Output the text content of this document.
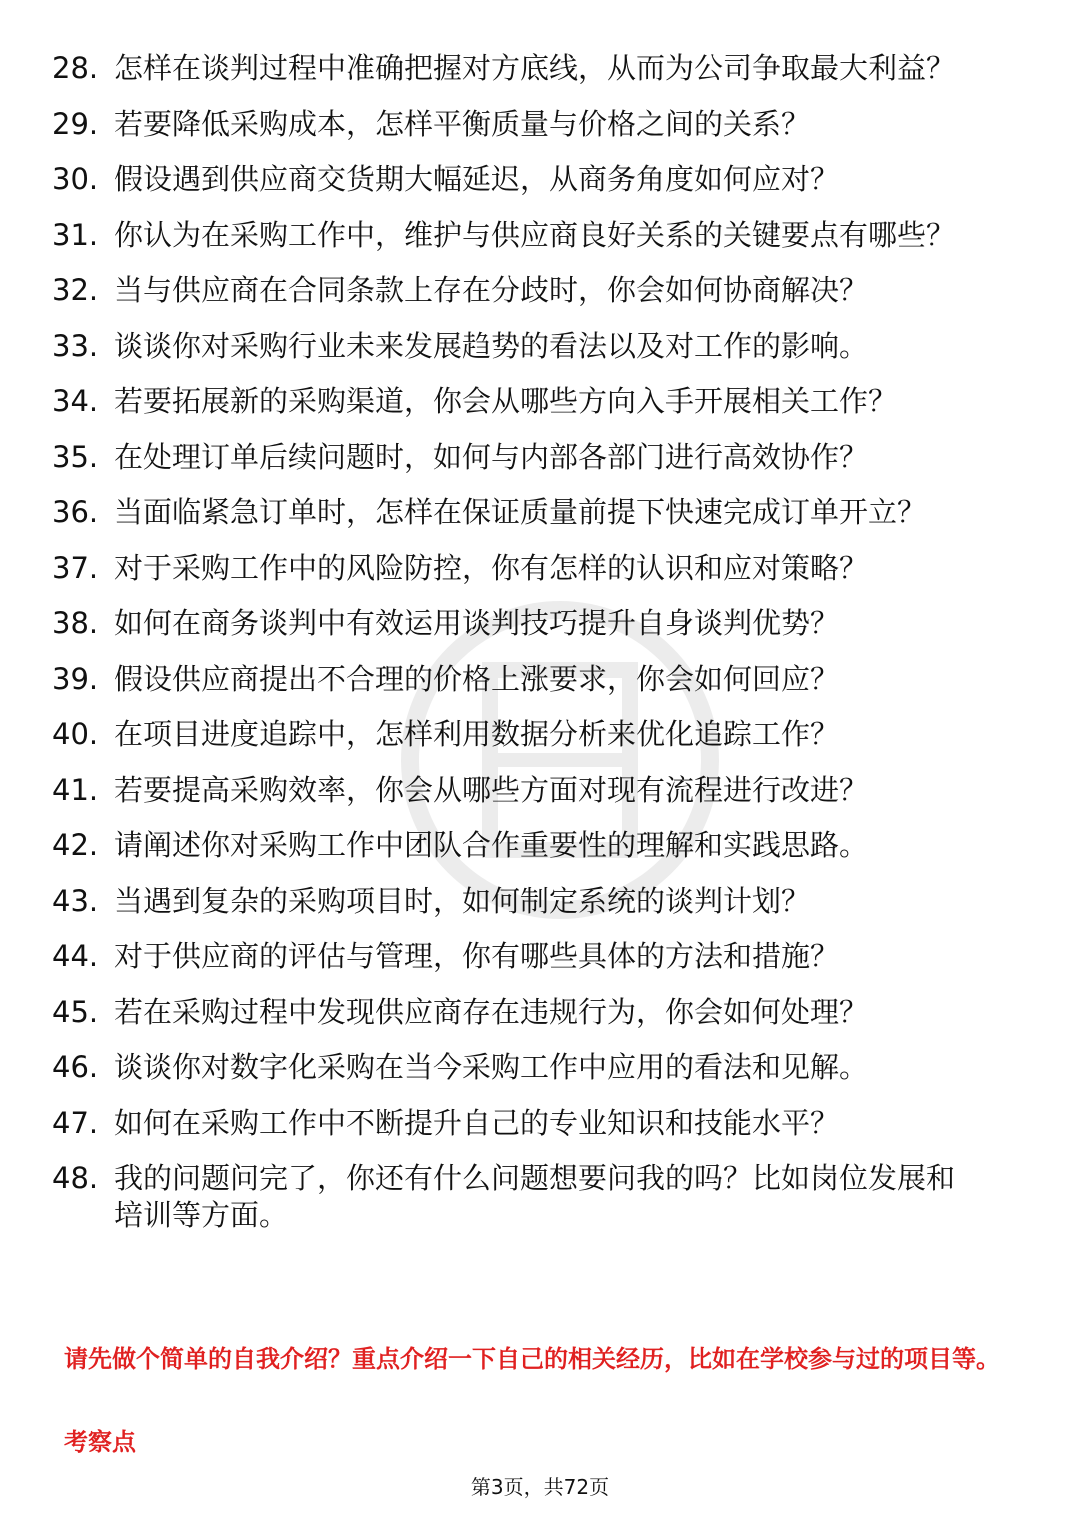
28. 怎样在谈判过程中准确把握对方底线，从而为公司争取最大利益？
29. 若要降低采购成本，怎样平衡质量与价格之间的关系？
30. 假设遇到供应商交货期大幅延迟，从商务角度如何应对？
31. 你认为在采购工作中，维护与供应商良好关系的关键要点有哪些？
32. 当与供应商在合同条款上存在分歧时，你会如何协商解决？
33. 谈谈你对采购行业未来发展趋势的看法以及对工作的影响。
34. 若要拓展新的采购渠道，你会从哪些方向入手开展相关工作？
35. 在处理订单后续问题时，如何与内部各部门进行高效协作？
36. 当面临紧急订单时，怎样在保证质量前提下快速完成订单开立？
37. 对于采购工作中的风险防控，你有怎样的认识和应对策略？
38. 如何在商务谈判中有效运用谈判技巧提升自身谈判优势？
39. 假设供应商提出不合理的价格上涨要求，你会如何回应？
40. 在项目进度追踪中，怎样利用数据分析来优化追踪工作？
41. 若要提高采购效率，你会从哪些方面对现有流程进行改进？
42. 请阐述你对采购工作中团队合作重要性的理解和实践思路。
43. 当遇到复杂的采购项目时，如何制定系统的谈判计划？
44. 对于供应商的评估与管理，你有哪些具体的方法和措施？
45. 若在采购过程中发现供应商存在违规行为，你会如何处理？
46. 谈谈你对数字化采购在当今采购工作中应用的看法和见解。
47. 如何在采购工作中不断提升自己的专业知识和技能水平？
48. 我的问题问完了，你还有什么问题想要问我的吗？比如岗位发展和培训等方面。
请先做个简单的自我介绍？重点介绍一下自己的相关经历，比如在学校参与过的项目等。
考察点
第3页，共72页
